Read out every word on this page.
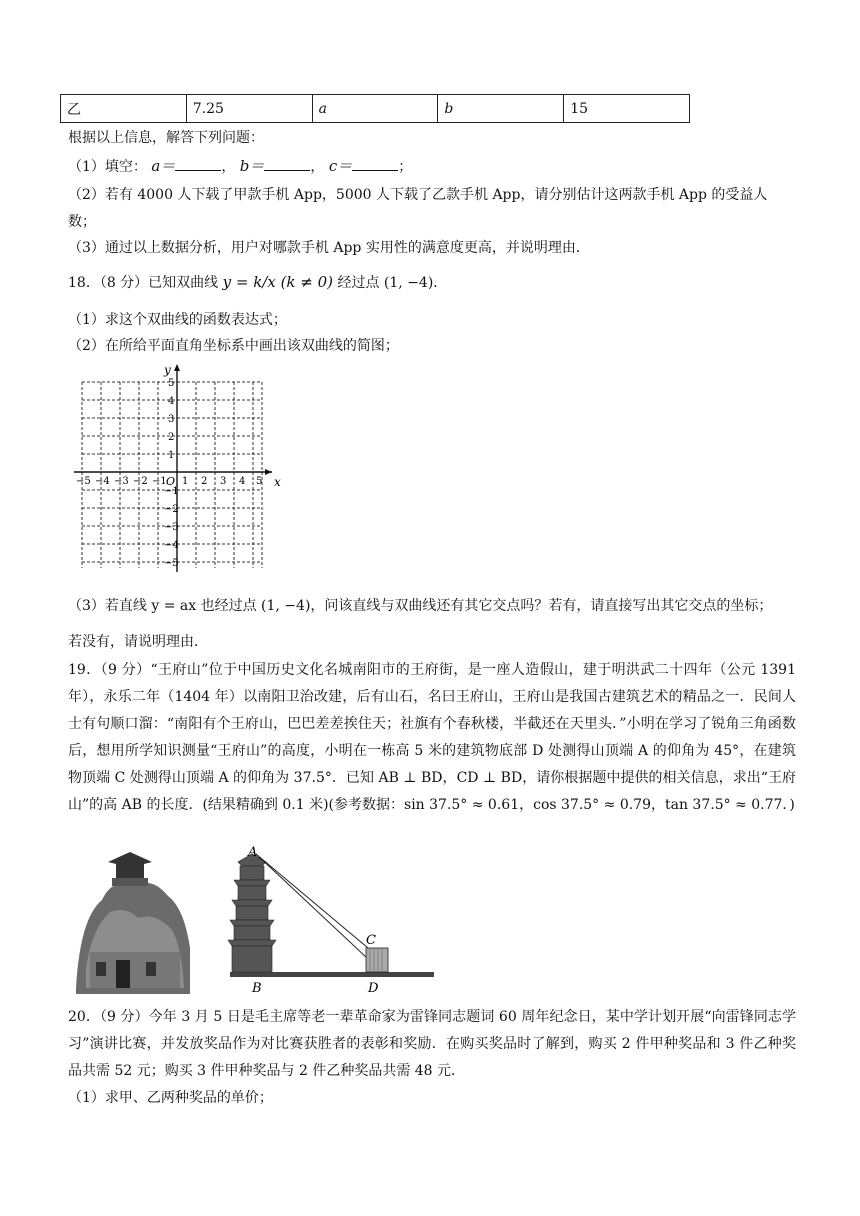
乙	7.25	a	b	15
根据以上信息，解答下列问题：
（1）填空： a＝	， b＝	， c＝	；
（2）若有 4000 人下载了甲款手机 App，5000 人下载了乙款手机 App，请分别估计这两款手机 App 的受益人
数；
（3）通过以上数据分析，用户对哪款手机 App 实用性的满意度更高，并说明理由．
18．（8 分）已知双曲线 y = k/x (k ≠ 0) 经过点 (1, −4)．
（1）求这个双曲线的函数表达式；
（2）在所给平面直角坐标系中画出该双曲线的简图；
x
y
O
−5 −4 −3 −2 −1 1 2 3 4 5
5
4
3
2
1
−1
−2
−3
−4
−5
（3）若直线 y = ax 也经过点 (1, −4)，问该直线与双曲线还有其它交点吗？若有，请直接写出其它交点的坐标；
若没有，请说明理由．
19．（9 分）“王府山”位于中国历史文化名城南阳市的王府街，是一座人造假山，建于明洪武二十四年（公元 1391 年），永乐二年（1404 年）以南阳卫治改建，后有山石，名曰王府山，王府山是我国古建筑艺术的精品之一．民间人士有句顺口溜：“南阳有个王府山，巴巴差差挨住天；社旗有个春秋楼，半截还在天里头．”小明在学习了锐角三角函数后，想用所学知识测量“王府山”的高度，小明在一栋高 5 米的建筑物底部 D 处测得山顶端 A 的仰角为 45°，在建筑物顶端 C 处测得山顶端 A 的仰角为 37.5°．已知 AB ⊥ BD，CD ⊥ BD，请你根据题中提供的相关信息，求出“王府山”的高 AB 的长度．(结果精确到 0.1 米)(参考数据：sin 37.5° ≈ 0.61，cos 37.5° ≈ 0.79，tan 37.5° ≈ 0.77．)
A
B
C
D
20．（9 分）今年 3 月 5 日是毛主席等老一辈革命家为雷锋同志题词 60 周年纪念日，某中学计划开展“向雷锋同志学习”演讲比赛，并发放奖品作为对比赛获胜者的表彰和奖励．在购买奖品时了解到，购买 2 件甲种奖品和 3 件乙种奖品共需 52 元；购买 3 件甲种奖品与 2 件乙种奖品共需 48 元．
（1）求甲、乙两种奖品的单价；
